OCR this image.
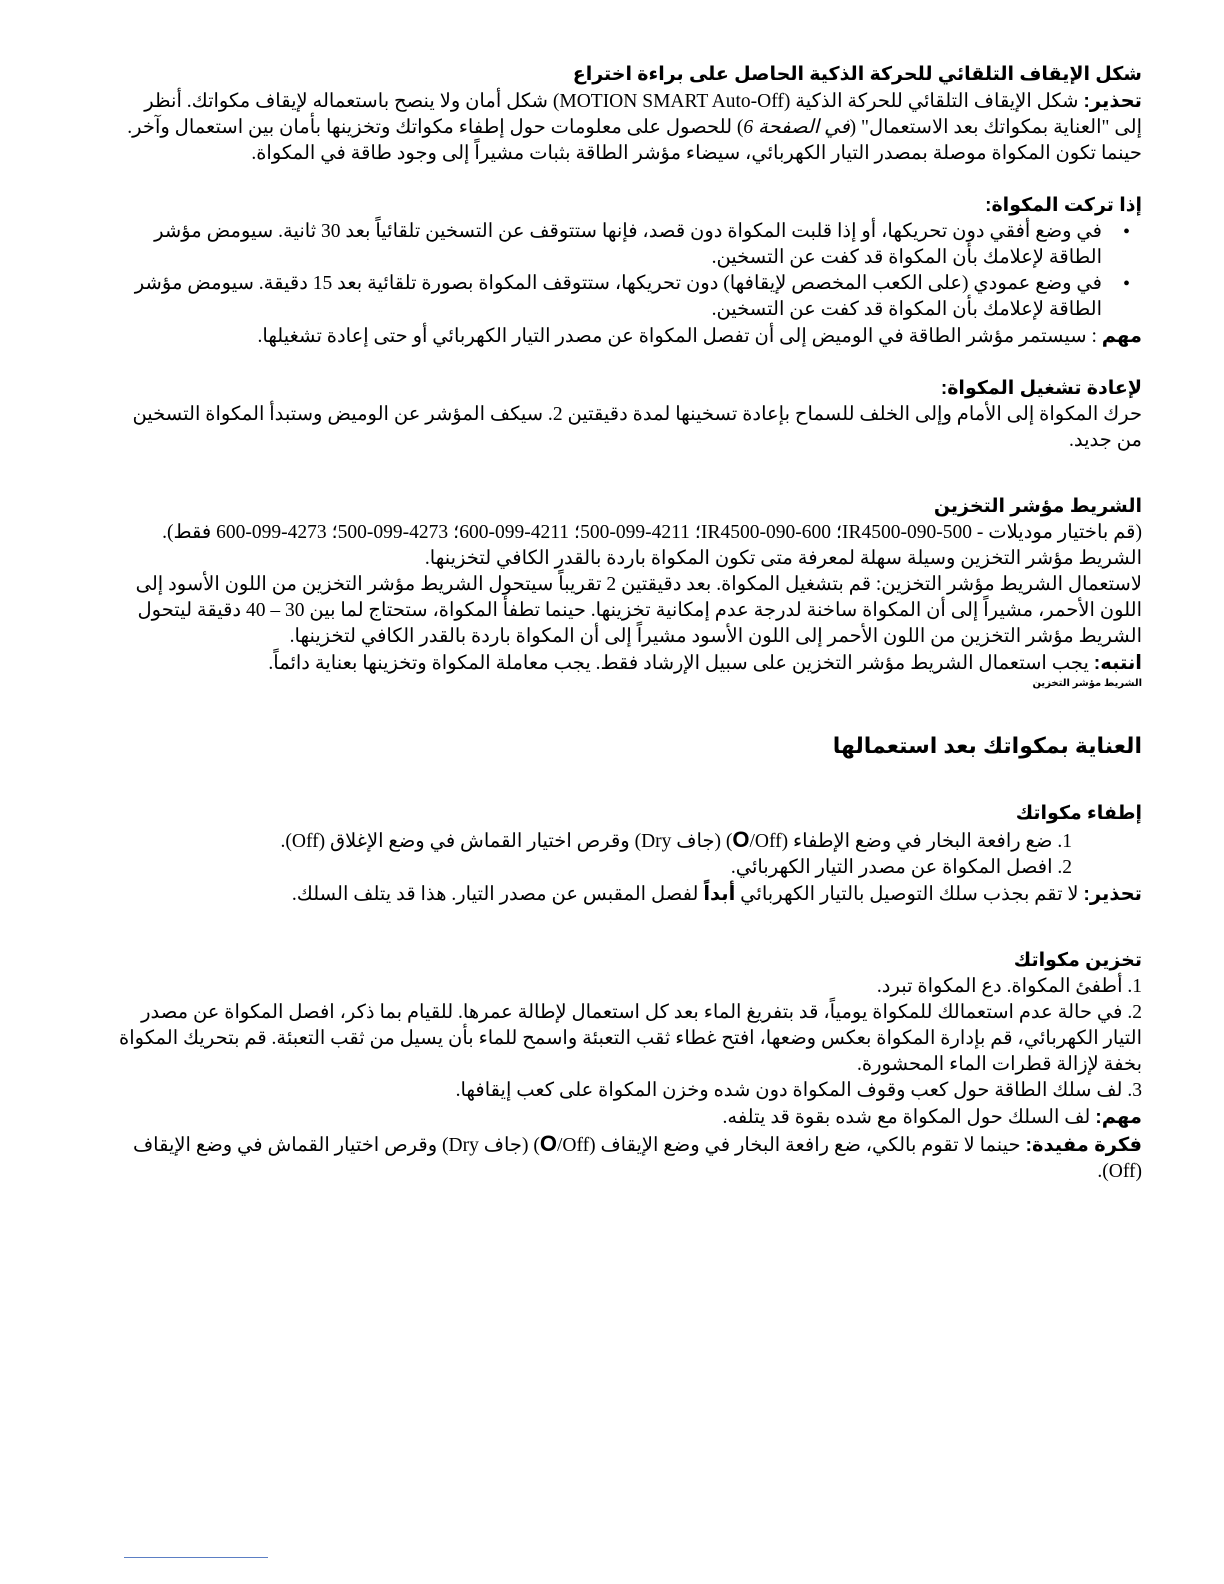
شكل الإيقاف التلقائي للحركة الذكية الحاصل على براءة اختراع

تحذير: شكل الإيقاف التلقائي للحركة الذكية (MOTION SMART Auto-Off) شكل أمان ولا ينصح باستعماله لإيقاف مكواتك. أنظر إلى "العناية بمكواتك بعد الاستعمال" (في الصفحة 6) للحصول على معلومات حول إطفاء مكواتك وتخزينها بأمان بين استعمال وآخر.

حينما تكون المكواة موصلة بمصدر التيار الكهربائي، سيضاء مؤشر الطاقة بثبات مشيراً إلى وجود طاقة في المكواة.

إذا تركت المكواة:
• في وضع أفقي دون تحريكها، أو إذا قلبت المكواة دون قصد، فإنها ستتوقف عن التسخين تلقائياً بعد 30 ثانية. سيومض مؤشر الطاقة لإعلامك بأن المكواة قد كفت عن التسخين.
• في وضع عمودي (على الكعب المخصص لإيقافها) دون تحريكها، ستتوقف المكواة بصورة تلقائية بعد 15 دقيقة. سيومض مؤشر الطاقة لإعلامك بأن المكواة قد كفت عن التسخين.

مهم : سيستمر مؤشر الطاقة في الوميض إلى أن تفصل المكواة عن مصدر التيار الكهربائي أو حتى إعادة تشغيلها.

لإعادة تشغيل المكواة:

حرك المكواة إلى الأمام وإلى الخلف للسماح بإعادة تسخينها لمدة دقيقتين 2. سيكف المؤشر عن الوميض وستبدأ المكواة التسخين من جديد.

الشريط مؤشر التخزين

(قم باختيار موديلات - IR4500-090-500؛ IR4500-090-600؛ 4211-099-500؛ 4211-099-600؛ 4273-099-500؛ 4273-099-600 فقط).

الشريط مؤشر التخزين وسيلة سهلة لمعرفة متى تكون المكواة باردة بالقدر الكافي لتخزينها.

لاستعمال الشريط مؤشر التخزين: قم بتشغيل المكواة. بعد دقيقتين 2 تقريباً سيتحول الشريط مؤشر التخزين من اللون الأسود إلى اللون الأحمر، مشيراً إلى أن المكواة ساخنة لدرجة عدم إمكانية تخزينها. حينما تطفأ المكواة، ستحتاج لما بين 30 – 40 دقيقة ليتحول الشريط مؤشر التخزين من اللون الأحمر إلى اللون الأسود مشيراً إلى أن المكواة باردة بالقدر الكافي لتخزينها.

انتبه: يجب استعمال الشريط مؤشر التخزين على سبيل الإرشاد فقط. يجب معاملة المكواة وتخزينها بعناية دائماً.

الشريط مؤشر التخزين

العناية بمكواتك بعد استعمالها
إطفاء مكواتك

1. ضع رافعة البخار في وضع الإطفاء (O/Off) (جاف Dry) وقرص اختيار القماش في وضع الإغلاق (Off).

2. افصل المكواة عن مصدر التيار الكهربائي.

تحذير: لا تقم بجذب سلك التوصيل بالتيار الكهربائي أبداً لفصل المقبس عن مصدر التيار. هذا قد يتلف السلك.

تخزين مكواتك

1. أطفئ المكواة. دع المكواة تبرد.

2. في حالة عدم استعمالك للمكواة يومياً، قد بتفريغ الماء بعد كل استعمال لإطالة عمرها. للقيام بما ذكر، افصل المكواة عن مصدر التيار الكهربائي، قم بإدارة المكواة بعكس وضعها، افتح غطاء ثقب التعبئة واسمح للماء بأن يسيل من ثقب التعبئة. قم بتحريك المكواة بخفة لإزالة قطرات الماء المحشورة.

3. لف سلك الطاقة حول كعب وقوف المكواة دون شده وخزن المكواة على كعب إيقافها.

مهم: لف السلك حول المكواة مع شده بقوة قد يتلفه.

فكرة مفيدة: حينما لا تقوم بالكي، ضع رافعة البخار في وضع الإيقاف (O/Off) (جاف Dry) وقرص اختيار القماش في وضع الإيقاف (Off).
